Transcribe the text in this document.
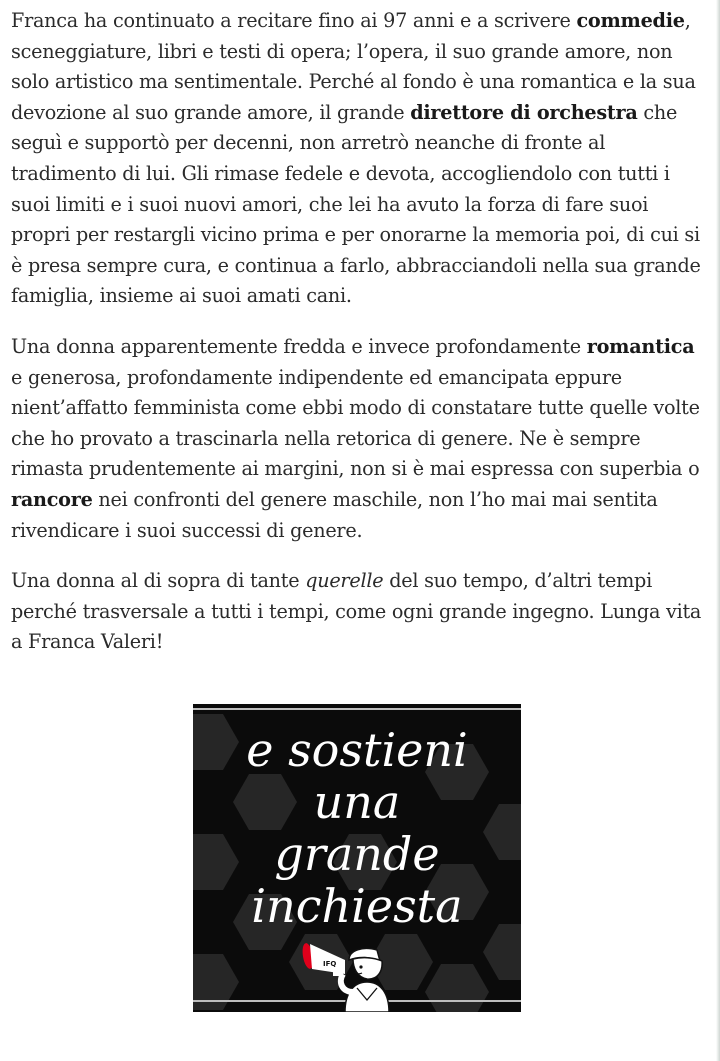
Franca ha continuato a recitare fino ai 97 anni e a scrivere commedie, sceneggiature, libri e testi di opera; l’opera, il suo grande amore, non solo artistico ma sentimentale. Perché al fondo è una romantica e la sua devozione al suo grande amore, il grande direttore di orchestra che seguì e supportò per decenni, non arretrò neanche di fronte al tradimento di lui. Gli rimase fedele e devota, accogliendolo con tutti i suoi limiti e i suoi nuovi amori, che lei ha avuto la forza di fare suoi propri per restargli vicino prima e per onorarne la memoria poi, di cui si è presa sempre cura, e continua a farlo, abbracciandoli nella sua grande famiglia, insieme ai suoi amati cani.

Una donna apparentemente fredda e invece profondamente romantica e generosa, profondamente indipendente ed emancipata eppure nient’affatto femminista come ebbi modo di constatare tutte quelle volte che ho provato a trascinarla nella retorica di genere. Ne è sempre rimasta prudentemente ai margini, non si è mai espressa con superbia o rancore nei confronti del genere maschile, non l’ho mai mai sentita rivendicare i suoi successi di genere.

Una donna al di sopra di tante querelle del suo tempo, d’altri tempi perché trasversale a tutti i tempi, come ogni grande ingegno. Lunga vita a Franca Valeri!

e sostieni
una
grande
inchiesta
IFQ
